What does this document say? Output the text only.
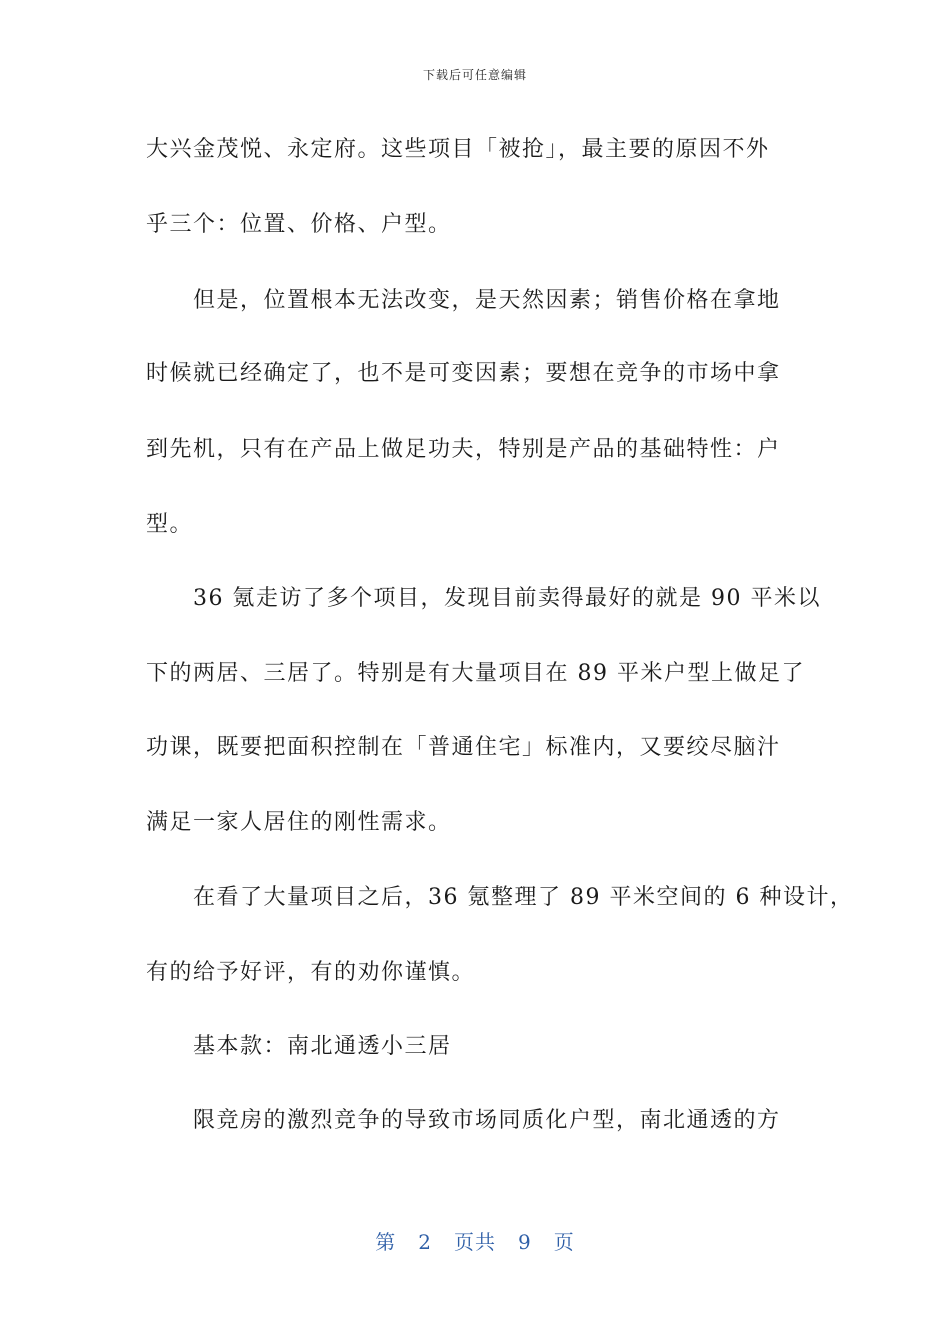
下载后可任意编辑
大兴金茂悦、永定府。这些项目「被抢」，最主要的原因不外
乎三个：位置、价格、户型。
　　但是，位置根本无法改变，是天然因素；销售价格在拿地
时候就已经确定了，也不是可变因素；要想在竞争的市场中拿
到先机，只有在产品上做足功夫，特别是产品的基础特性：户
型。
　　36 氪走访了多个项目，发现目前卖得最好的就是 90 平米以
下的两居、三居了。特别是有大量项目在 89 平米户型上做足了
功课，既要把面积控制在「普通住宅」标准内，又要绞尽脑汁
满足一家人居住的刚性需求。
　　在看了大量项目之后，36 氪整理了 89 平米空间的 6 种设计，
有的给予好评，有的劝你谨慎。
　　基本款：南北通透小三居
　　限竞房的激烈竞争的导致市场同质化户型，南北通透的方
第 2 页共 9 页
